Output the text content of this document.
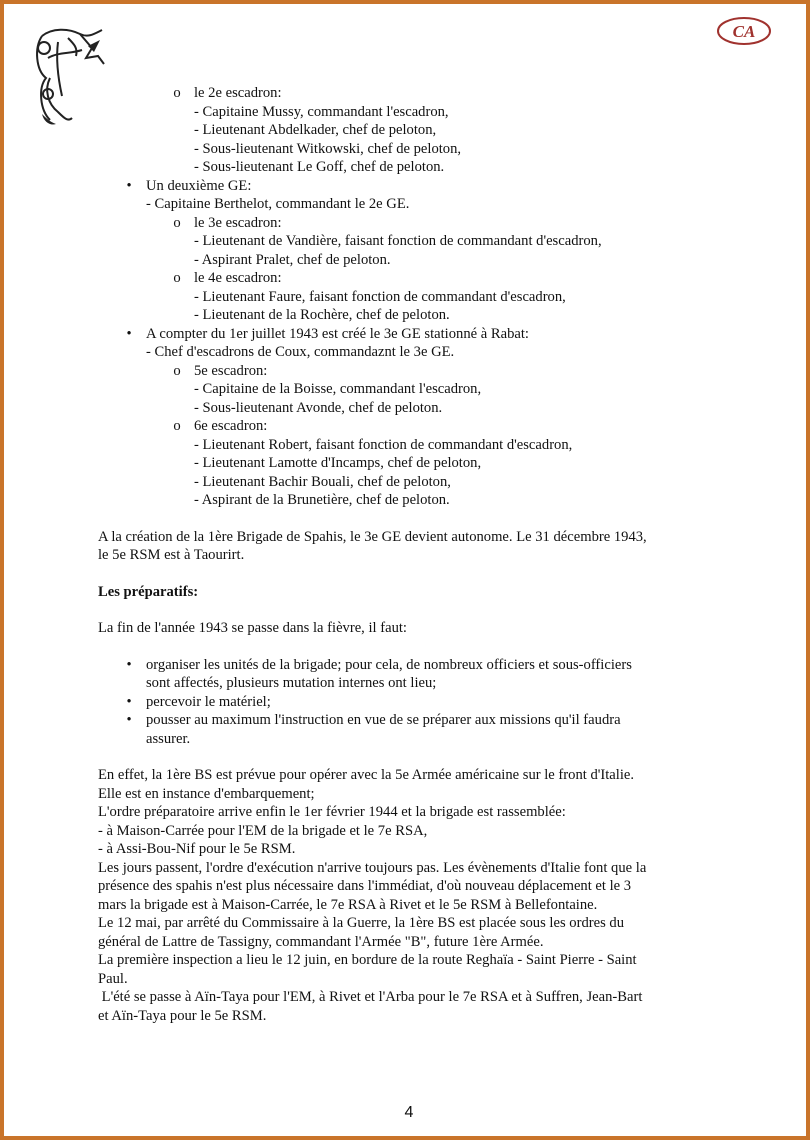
CA
o le 2e escadron:
- Capitaine Mussy, commandant l'escadron,
- Lieutenant Abdelkader, chef de peloton,
- Sous-lieutenant Witkowski, chef de peloton,
- Sous-lieutenant Le Goff, chef de peloton.
• Un deuxième GE:
- Capitaine Berthelot, commandant le 2e GE.
o le 3e escadron:
- Lieutenant de Vandière, faisant fonction de commandant d'escadron,
- Aspirant Pralet, chef de peloton.
o le 4e escadron:
- Lieutenant Faure, faisant fonction de commandant d'escadron,
- Lieutenant de la Rochère, chef de peloton.
• A compter du 1er juillet 1943 est créé le 3e GE stationné à Rabat:
- Chef d'escadrons de Coux, commandaznt le 3e GE.
o 5e escadron:
- Capitaine de la Boisse, commandant l'escadron,
- Sous-lieutenant Avonde, chef de peloton.
o 6e escadron:
- Lieutenant Robert, faisant fonction de commandant d'escadron,
- Lieutenant Lamotte d'Incamps, chef de peloton,
- Lieutenant Bachir Bouali, chef de peloton,
- Aspirant de la Brunetière, chef de peloton.
A la création de la 1ère Brigade de Spahis, le 3e GE devient autonome. Le 31 décembre 1943,
le 5e RSM est à Taourirt.
Les préparatifs:
La fin de l'année 1943 se passe dans la fièvre, il faut:
• organiser les unités de la brigade; pour cela, de nombreux officiers et sous-officiers
sont affectés, plusieurs mutation internes ont lieu;
• percevoir le matériel;
• pousser au maximum l'instruction en vue de se préparer aux missions qu'il faudra
assurer.
En effet, la 1ère BS est prévue pour opérer avec la 5e Armée américaine sur le front d'Italie.
Elle est en instance d'embarquement;
L'ordre préparatoire arrive enfin le 1er février 1944 et la brigade est rassemblée:
- à Maison-Carrée pour l'EM de la brigade et le 7e RSA,
- à Assi-Bou-Nif pour le 5e RSM.
Les jours passent, l'ordre d'exécution n'arrive toujours pas. Les évènements d'Italie font que la
présence des spahis n'est plus nécessaire dans l'immédiat, d'où nouveau déplacement et le 3
mars la brigade est à Maison-Carrée, le 7e RSA à Rivet et le 5e RSM à Bellefontaine.
Le 12 mai, par arrêté du Commissaire à la Guerre, la 1ère BS est placée sous les ordres du
général de Lattre de Tassigny, commandant l'Armée "B", future 1ère Armée.
La première inspection a lieu le 12 juin, en bordure de la route Reghaïa - Saint Pierre - Saint
Paul.
L'été se passe à Aïn-Taya pour l'EM, à Rivet et l'Arba pour le 7e RSA et à Suffren, Jean-Bart
et Aïn-Taya pour le 5e RSM.
4
